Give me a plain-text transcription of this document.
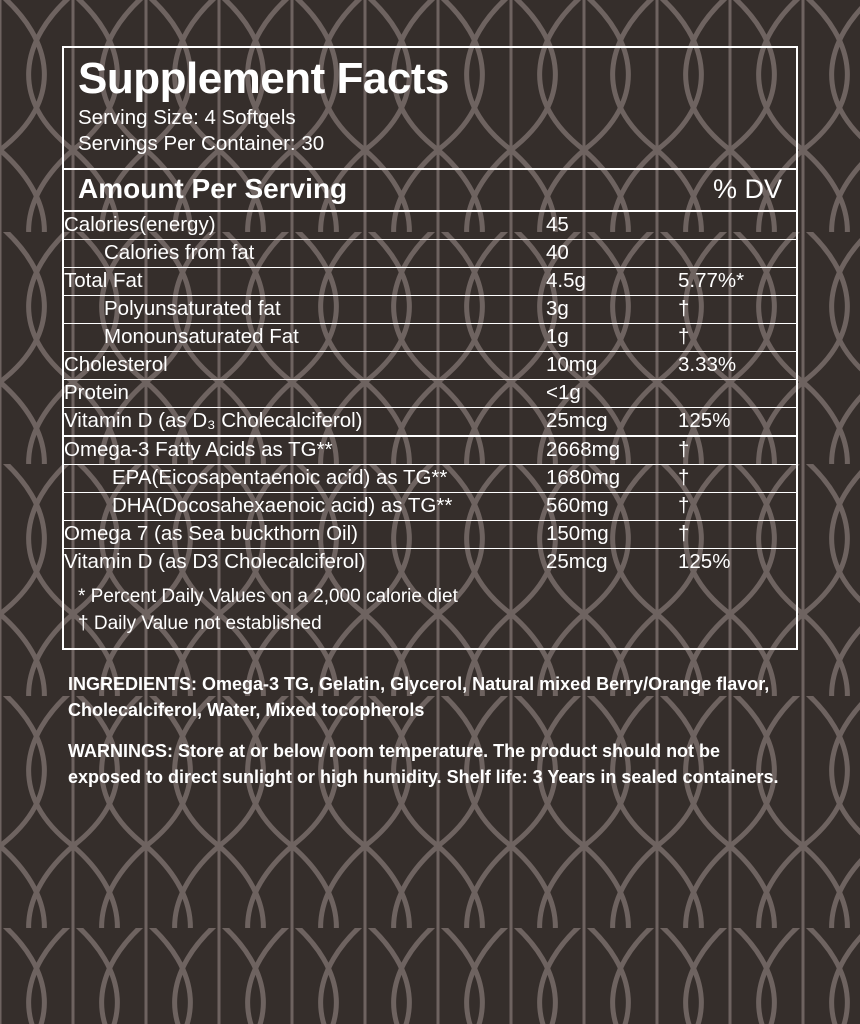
Supplement Facts
Serving Size: 4 Softgels
Servings Per Container: 30
Amount Per Serving		% DV
Calories(energy)	45	
Calories from fat	40	
Total Fat	4.5g	5.77%*
Polyunsaturated fat	3g	†
Monounsaturated Fat	1g	†
Cholesterol	10mg	3.33%
Protein	<1g	
Vitamin D (as D₃ Cholecalciferol)	25mcg	125%
Omega-3 Fatty Acids as TG**	2668mg	†
EPA(Eicosapentaenoic acid) as TG**	1680mg	†
DHA(Docosahexaenoic acid) as TG**	560mg	†
Omega 7 (as Sea buckthorn Oil)	150mg	†
Vitamin D (as D3 Cholecalciferol)	25mcg	125%
* Percent Daily Values on a 2,000 calorie diet
† Daily Value not established

INGREDIENTS: Omega-3 TG, Gelatin, Glycerol, Natural mixed Berry/Orange flavor, Cholecalciferol, Water, Mixed tocopherols

WARNINGS: Store at or below room temperature. The product should not be exposed to direct sunlight or high humidity. Shelf life: 3 Years in sealed containers.
